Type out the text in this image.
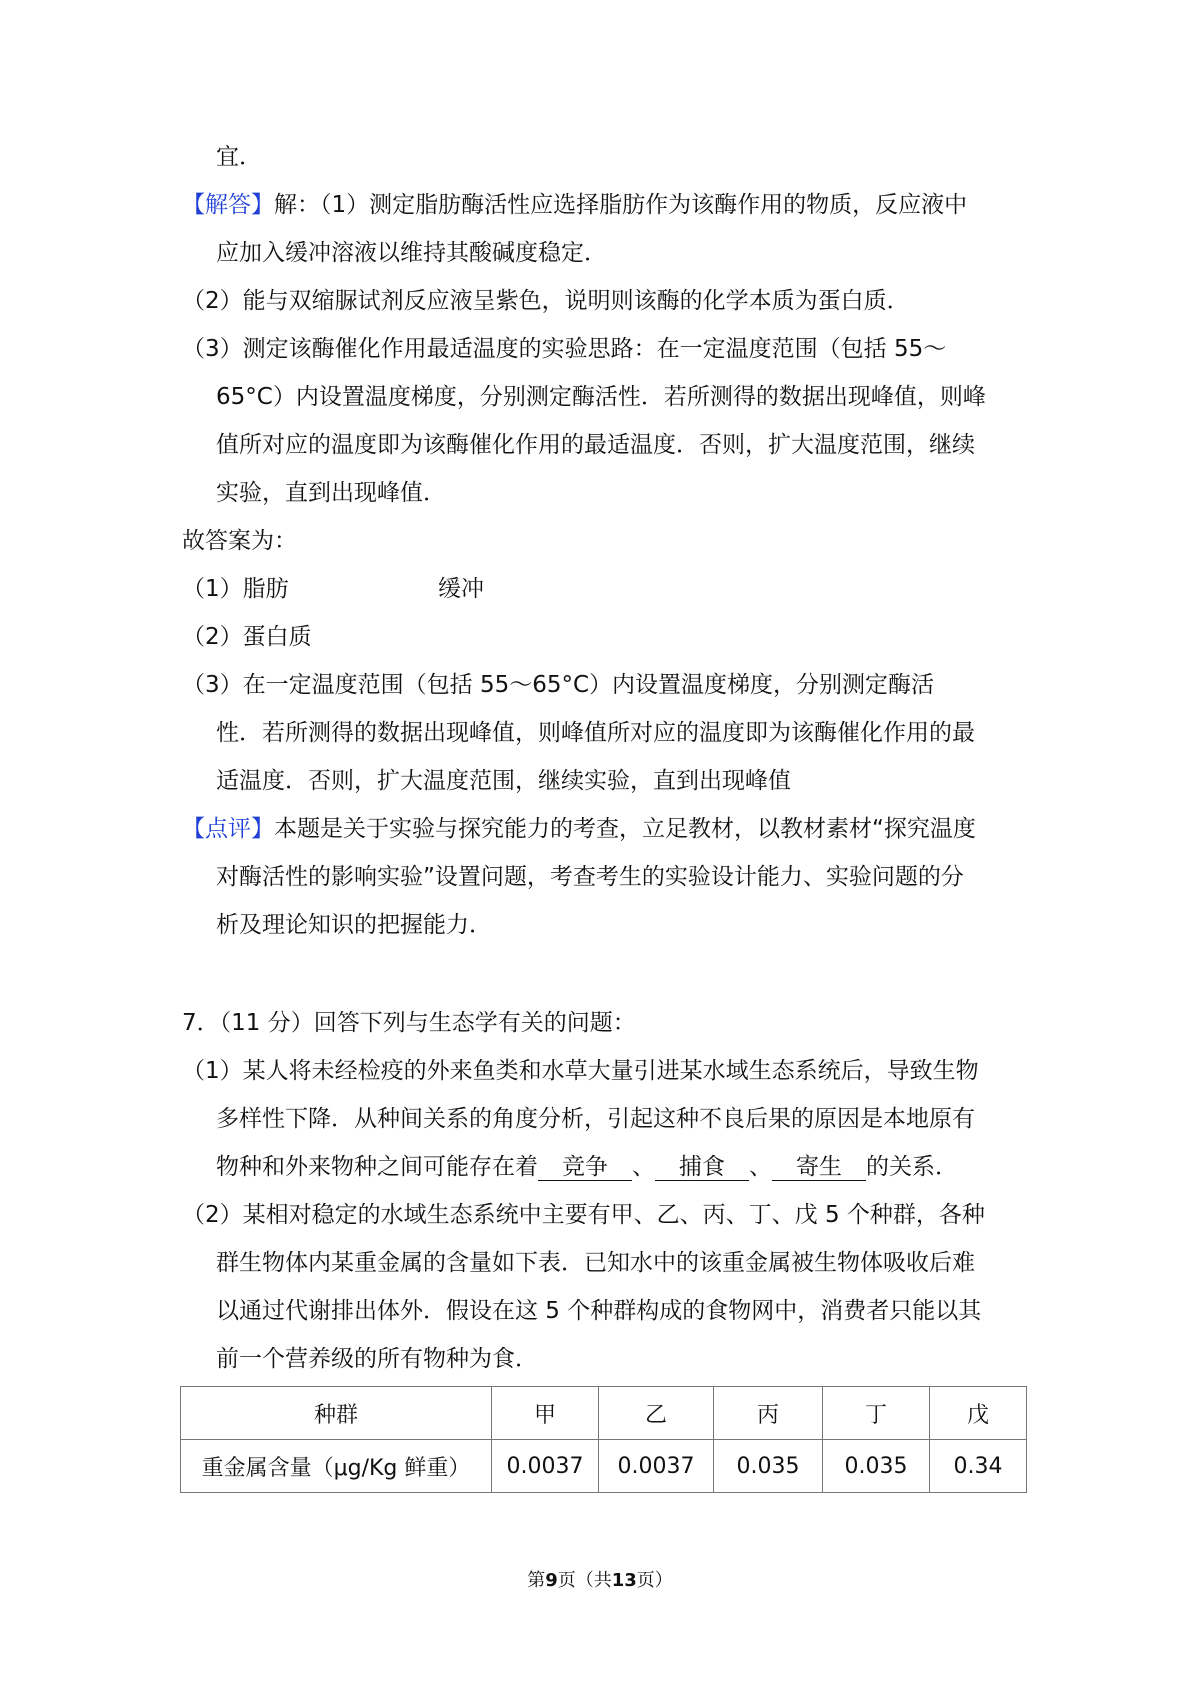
宜．
【解答】解：（1）测定脂肪酶活性应选择脂肪作为该酶作用的物质，反应液中
应加入缓冲溶液以维持其酸碱度稳定．
（2）能与双缩脲试剂反应液呈紫色，说明则该酶的化学本质为蛋白质．
（3）测定该酶催化作用最适温度的实验思路：在一定温度范围（包括 55～
65°C）内设置温度梯度，分别测定酶活性．若所测得的数据出现峰值，则峰
值所对应的温度即为该酶催化作用的最适温度．否则，扩大温度范围，继续
实验，直到出现峰值．
故答案为：
（1）脂肪	缓冲
（2）蛋白质
（3）在一定温度范围（包括 55～65°C）内设置温度梯度，分别测定酶活
性．若所测得的数据出现峰值，则峰值所对应的温度即为该酶催化作用的最
适温度．否则，扩大温度范围，继续实验，直到出现峰值
【点评】本题是关于实验与探究能力的考查，立足教材，以教材素材“探究温度
对酶活性的影响实验”设置问题，考查考生的实验设计能力、实验问题的分
析及理论知识的把握能力．
7．（11 分）回答下列与生态学有关的问题：
（1）某人将未经检疫的外来鱼类和水草大量引进某水域生态系统后，导致生物
多样性下降．从种间关系的角度分析，引起这种不良后果的原因是本地原有
物种和外来物种之间可能存在着 竞争 、 捕食 、 寄生 的关系．
（2）某相对稳定的水域生态系统中主要有甲、乙、丙、丁、戊 5 个种群，各种
群生物体内某重金属的含量如下表．已知水中的该重金属被生物体吸收后难
以通过代谢排出体外．假设在这 5 个种群构成的食物网中，消费者只能以其
前一个营养级的所有物种为食．
种群	甲	乙	丙	丁	戊
重金属含量（μg/Kg 鲜重）	0.0037	0.0037	0.035	0.035	0.34
第9页（共13页）
